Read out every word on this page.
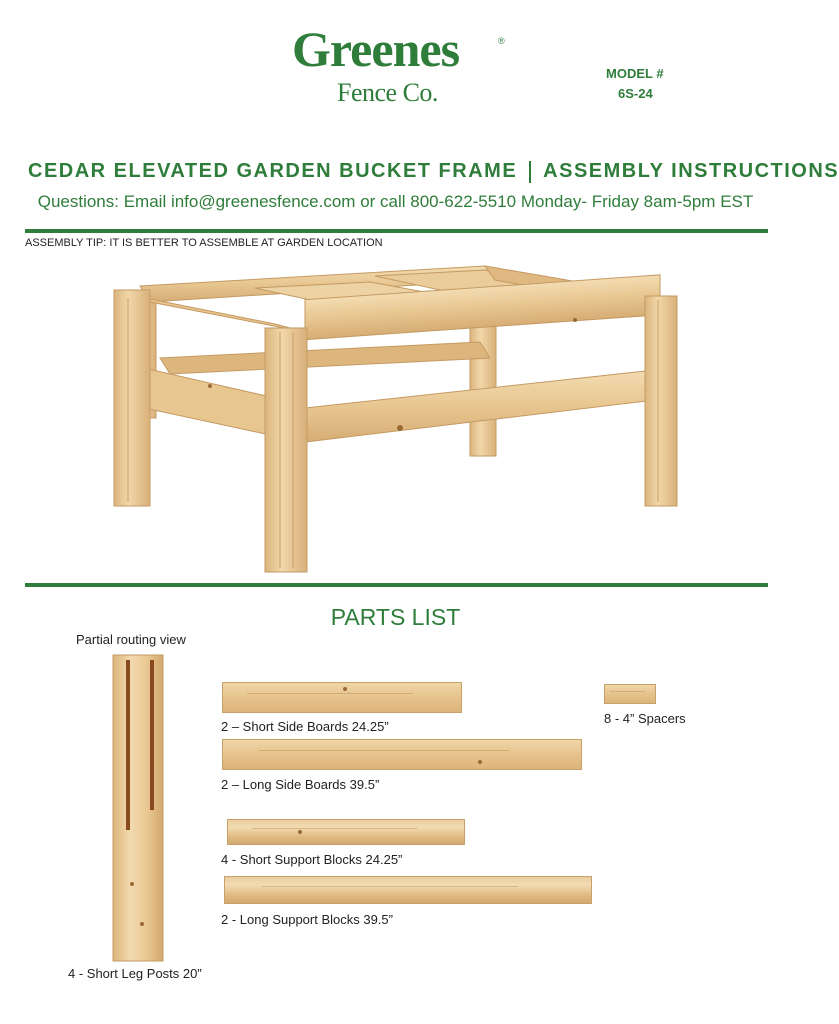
Greenes	®
Fence Co.
MODEL #
6S-24
CEDAR ELEVATED GARDEN BUCKET FRAME ASSEMBLY INSTRUCTIONS
Questions: Email info@greenesfence.com or call 800-622-5510 Monday- Friday 8am-5pm EST
ASSEMBLY TIP: IT IS BETTER TO ASSEMBLE AT GARDEN LOCATION
PARTS LIST
Partial routing view
4 - Short Leg Posts 20”
2 – Short Side Boards 24.25”
2 – Long Side Boards 39.5”
4 - Short Support Blocks 24.25”
2 - Long Support Blocks 39.5”
8 - 4” Spacers
